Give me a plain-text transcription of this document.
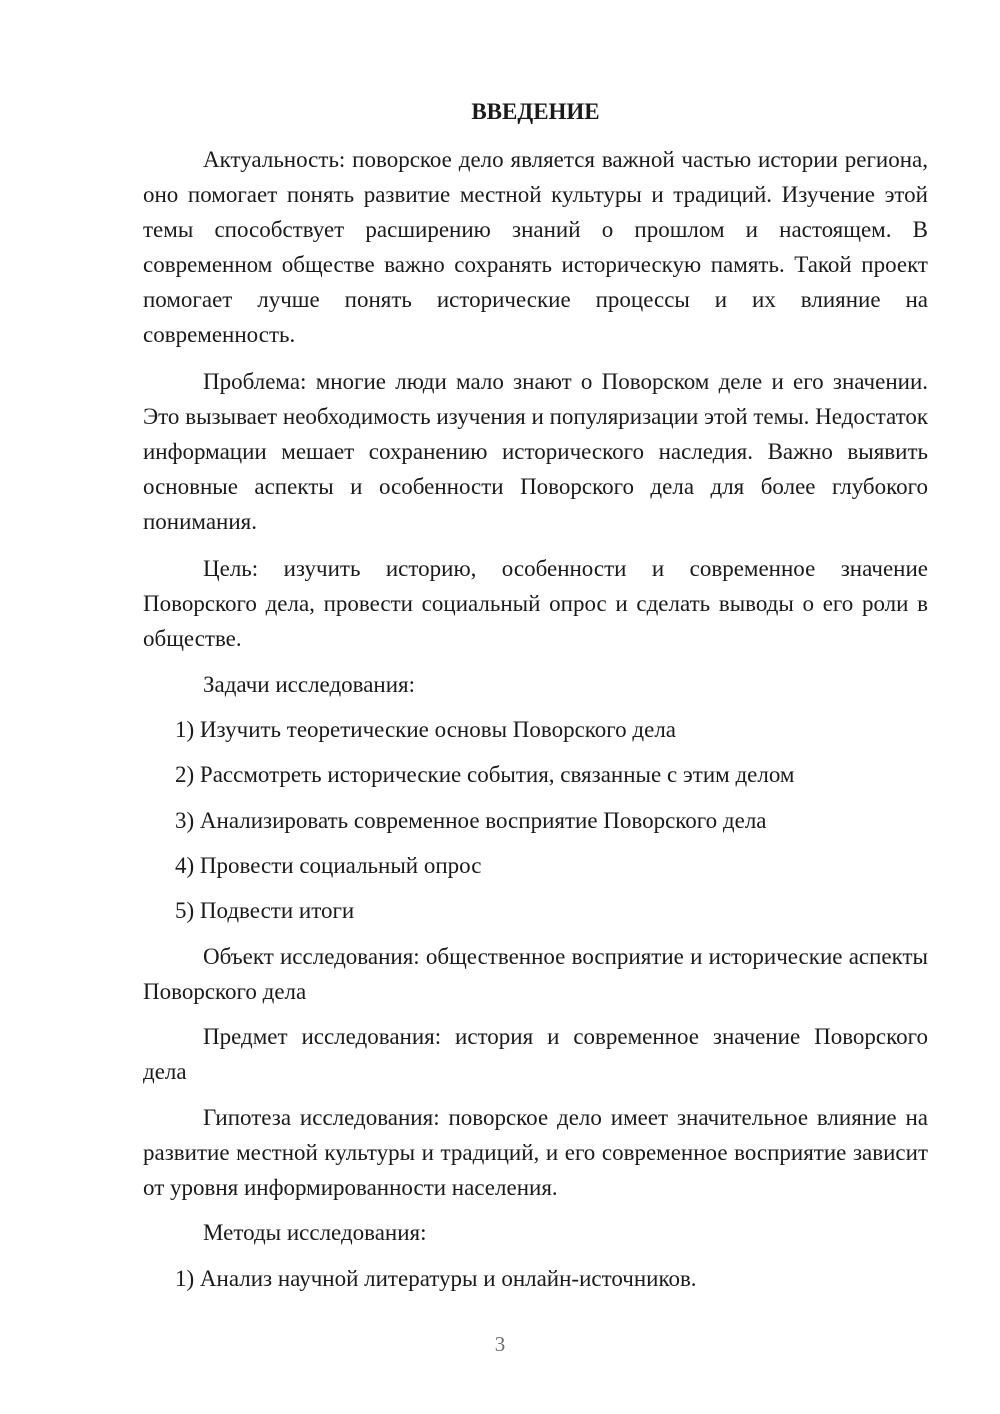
ВВЕДЕНИЕ

Актуальность: поворское дело является важной частью истории региона, оно помогает понять развитие местной культуры и традиций. Изучение этой темы способствует расширению знаний о прошлом и настоящем. В современном обществе важно сохранять историческую память. Такой проект помогает лучше понять исторические процессы и их влияние на современность.

Проблема: многие люди мало знают о Поворском деле и его значении. Это вызывает необходимость изучения и популяризации этой темы. Недостаток информации мешает сохранению исторического наследия. Важно выявить основные аспекты и особенности Поворского дела для более глубокого понимания.

Цель: изучить историю, особенности и современное значение Поворского дела, провести социальный опрос и сделать выводы о его роли в обществе.

Задачи исследования:

1) Изучить теоретические основы Поворского дела

2) Рассмотреть исторические события, связанные с этим делом

3) Анализировать современное восприятие Поворского дела

4) Провести социальный опрос

5) Подвести итоги

Объект исследования: общественное восприятие и исторические аспекты Поворского дела

Предмет исследования: история и современное значение Поворского дела

Гипотеза исследования: поворское дело имеет значительное влияние на развитие местной культуры и традиций, и его современное восприятие зависит от уровня информированности населения.

Методы исследования:

1) Анализ научной литературы и онлайн-источников.

3
